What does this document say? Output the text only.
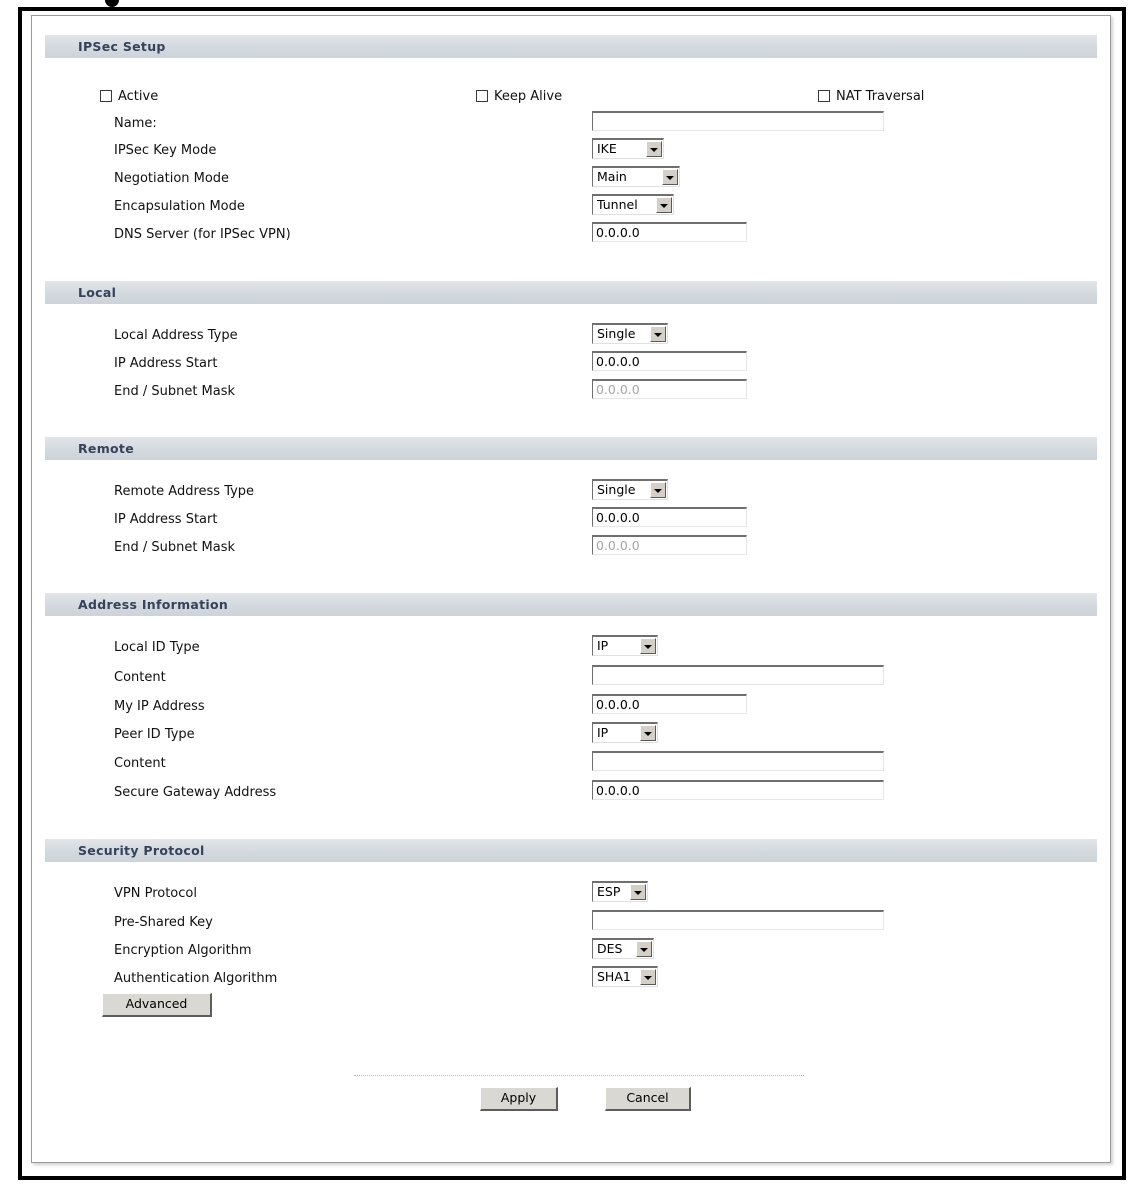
IPSec Setup
Active	Keep Alive	NAT Traversal
Name:
IPSec Key Mode	IKE
Negotiation Mode	Main
Encapsulation Mode	Tunnel
DNS Server (for IPSec VPN)	0.0.0.0
Local
Local Address Type	Single
IP Address Start	0.0.0.0
End / Subnet Mask	0.0.0.0
Remote
Remote Address Type	Single
IP Address Start	0.0.0.0
End / Subnet Mask	0.0.0.0
Address Information
Local ID Type	IP
Content
My IP Address	0.0.0.0
Peer ID Type	IP
Content
Secure Gateway Address	0.0.0.0
Security Protocol
VPN Protocol	ESP
Pre-Shared Key
Encryption Algorithm	DES
Authentication Algorithm	SHA1
Advanced
Apply	Cancel
